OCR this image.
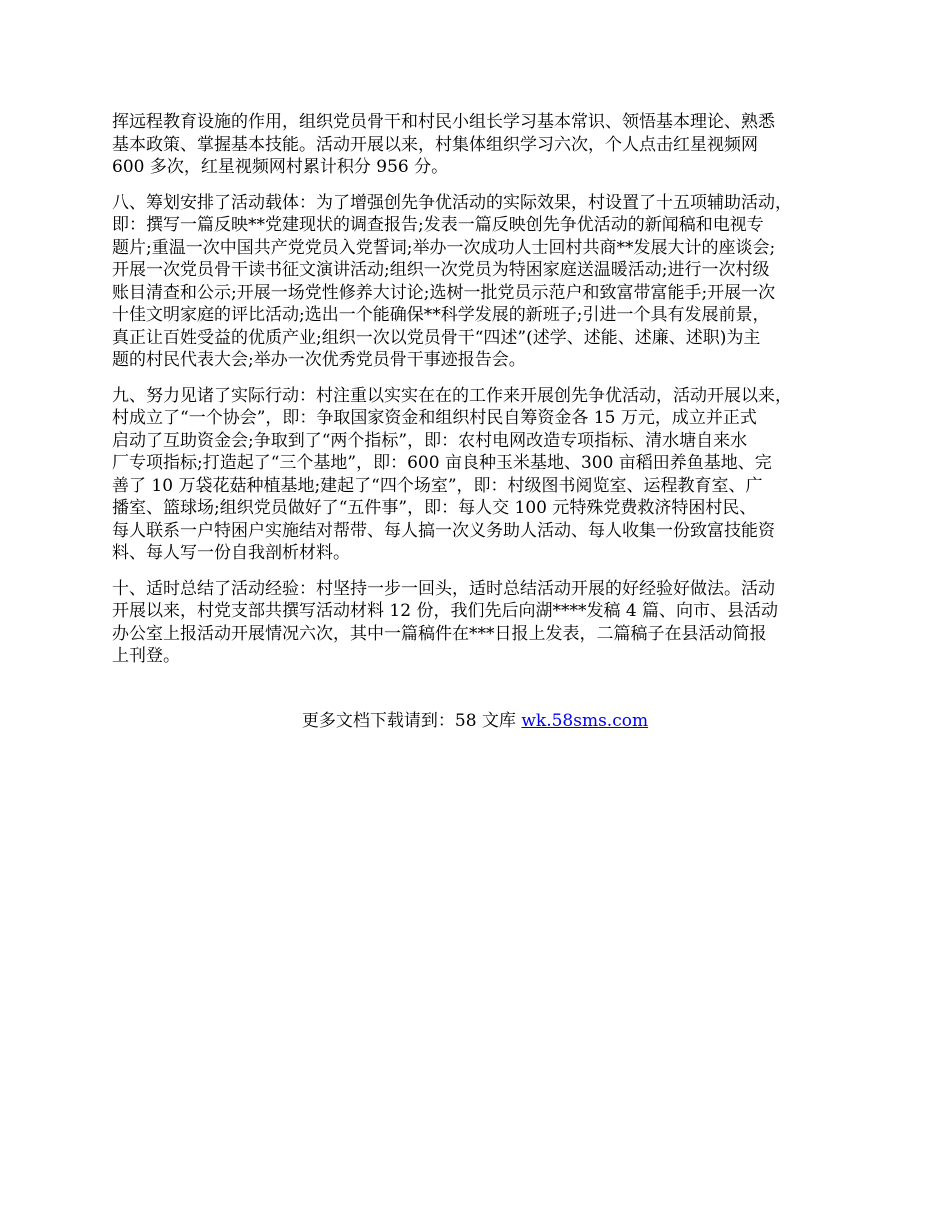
挥远程教育设施的作用，组织党员骨干和村民小组长学习基本常识、领悟基本理论、熟悉
基本政策、掌握基本技能。活动开展以来，村集体组织学习六次，个人点击红星视频网
600 多次，红星视频网村累计积分 956 分。

八、筹划安排了活动载体：为了增强创先争优活动的实际效果，村设置了十五项辅助活动，
即：撰写一篇反映**党建现状的调查报告;发表一篇反映创先争优活动的新闻稿和电视专
题片;重温一次中国共产党党员入党誓词;举办一次成功人士回村共商**发展大计的座谈会;
开展一次党员骨干读书征文演讲活动;组织一次党员为特困家庭送温暖活动;进行一次村级
账目清查和公示;开展一场党性修养大讨论;选树一批党员示范户和致富带富能手;开展一次
十佳文明家庭的评比活动;选出一个能确保**科学发展的新班子;引进一个具有发展前景，
真正让百姓受益的优质产业;组织一次以党员骨干“四述”(述学、述能、述廉、述职)为主
题的村民代表大会;举办一次优秀党员骨干事迹报告会。

九、努力见诸了实际行动：村注重以实实在在的工作来开展创先争优活动，活动开展以来，
村成立了“一个协会”，即：争取国家资金和组织村民自筹资金各 15 万元，成立并正式
启动了互助资金会;争取到了“两个指标”，即：农村电网改造专项指标、清水塘自来水
厂专项指标;打造起了“三个基地”，即：600 亩良种玉米基地、300 亩稻田养鱼基地、完
善了 10 万袋花菇种植基地;建起了“四个场室”，即：村级图书阅览室、运程教育室、广
播室、篮球场;组织党员做好了“五件事”，即：每人交 100 元特殊党费救济特困村民、
每人联系一户特困户实施结对帮带、每人搞一次义务助人活动、每人收集一份致富技能资
料、每人写一份自我剖析材料。

十、适时总结了活动经验：村坚持一步一回头，适时总结活动开展的好经验好做法。活动
开展以来，村党支部共撰写活动材料 12 份，我们先后向湖****发稿 4 篇、向市、县活动
办公室上报活动开展情况六次，其中一篇稿件在***日报上发表，二篇稿子在县活动简报
上刊登。

更多文档下载请到：58 文库 wk.58sms.com
